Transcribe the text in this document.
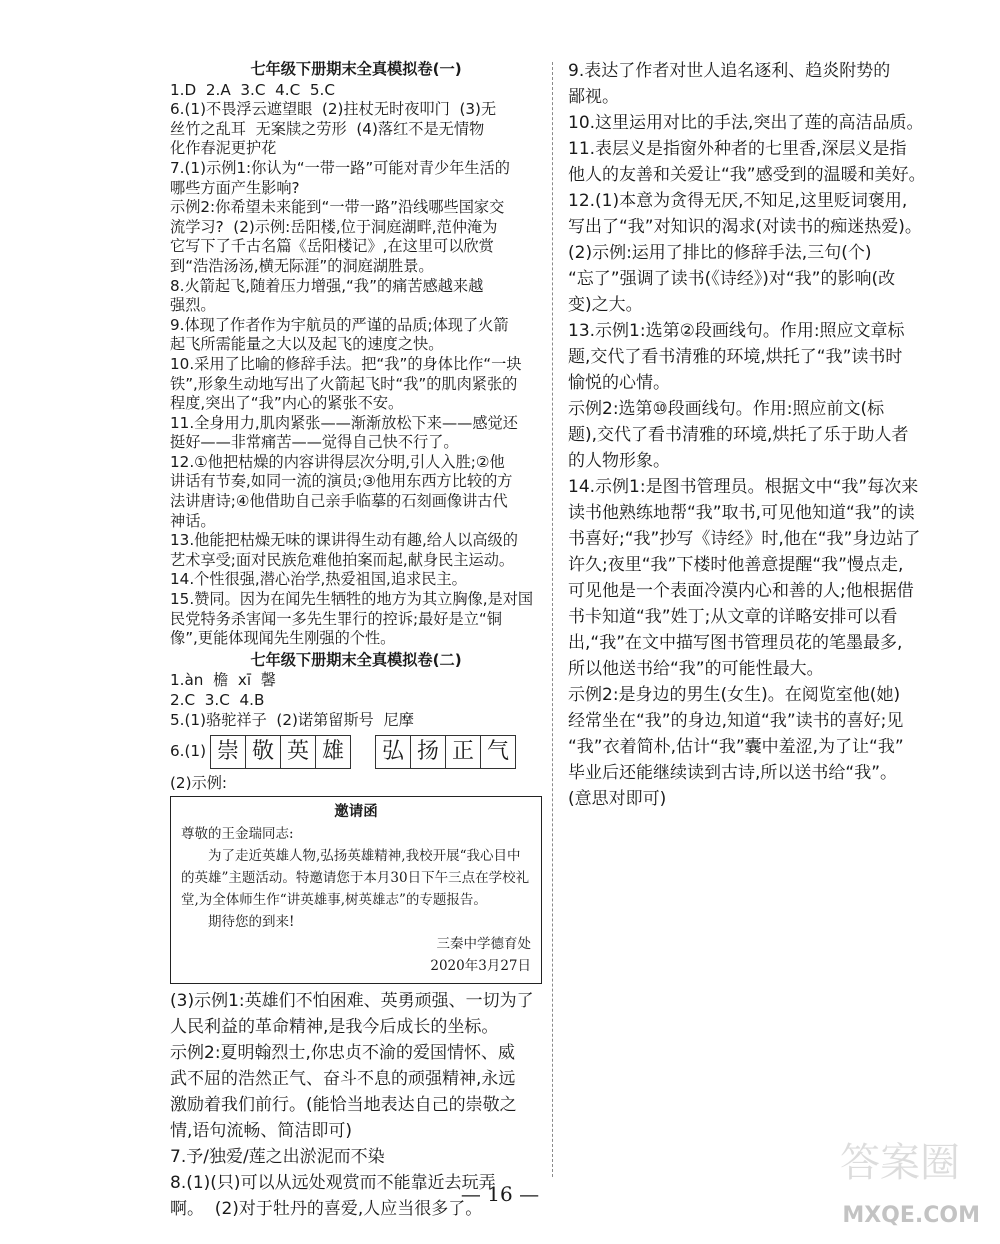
七年级下册期末全真模拟卷(一)
1.D  2.A  3.C  4.C  5.C
6.(1)不畏浮云遮望眼  (2)拄杖无时夜叩门  (3)无
丝竹之乱耳  无案牍之劳形  (4)落红不是无情物
化作春泥更护花
7.(1)示例1:你认为“一带一路”可能对青少年生活的
哪些方面产生影响?
示例2:你希望未来能到“一带一路”沿线哪些国家交
流学习?  (2)示例:岳阳楼,位于洞庭湖畔,范仲淹为
它写下了千古名篇《岳阳楼记》,在这里可以欣赏
到“浩浩汤汤,横无际涯”的洞庭湖胜景。
8.火箭起飞,随着压力增强,“我”的痛苦感越来越
强烈。
9.体现了作者作为宇航员的严谨的品质;体现了火箭
起飞所需能量之大以及起飞的速度之快。
10.采用了比喻的修辞手法。把“我”的身体比作“一块
铁”,形象生动地写出了火箭起飞时“我”的肌肉紧张的
程度,突出了“我”内心的紧张不安。
11.全身用力,肌肉紧张——渐渐放松下来——感觉还
挺好——非常痛苦——觉得自己快不行了。
12.①他把枯燥的内容讲得层次分明,引人入胜;②他
讲话有节奏,如同一流的演员;③他用东西方比较的方
法讲唐诗;④他借助自己亲手临摹的石刻画像讲古代
神话。
13.他能把枯燥无味的课讲得生动有趣,给人以高级的
艺术享受;面对民族危难他拍案而起,献身民主运动。
14.个性很强,潜心治学,热爱祖国,追求民主。
15.赞同。因为在闻先生牺牲的地方为其立胸像,是对国
民党特务杀害闻一多先生罪行的控诉;最好是立“铜
像”,更能体现闻先生刚强的个性。
七年级下册期末全真模拟卷(二)
1.àn  檐  xī  馨
2.C  3.C  4.B
5.(1)骆驼祥子  (2)诺第留斯号  尼摩
6.(1) 崇 敬 英 雄 弘 扬 正 气
(2)示例:
邀请函
尊敬的王金瑞同志:
为了走近英雄人物,弘扬英雄精神,我校开展“我心目中的英雄”主题活动。特邀请您于本月30日下午三点在学校礼堂,为全体师生作“讲英雄事,树英雄志”的专题报告。
期待您的到来!
三秦中学德育处
2020年3月27日
(3)示例1:英雄们不怕困难、英勇顽强、一切为了
人民利益的革命精神,是我今后成长的坐标。
示例2:夏明翰烈士,你忠贞不渝的爱国情怀、威
武不屈的浩然正气、奋斗不息的顽强精神,永远
激励着我们前行。(能恰当地表达自己的崇敬之
情,语句流畅、简洁即可)
7.予/独爱/莲之出淤泥而不染
8.(1)(只)可以从远处观赏而不能靠近去玩弄
啊。  (2)对于牡丹的喜爱,人应当很多了。
9.表达了作者对世人追名逐利、趋炎附势的
鄙视。
10.这里运用对比的手法,突出了莲的高洁品质。
11.表层义是指窗外种者的七里香,深层义是指
他人的友善和关爱让“我”感受到的温暖和美好。
12.(1)本意为贪得无厌,不知足,这里贬词褒用,
写出了“我”对知识的渴求(对读书的痴迷热爱)。
(2)示例:运用了排比的修辞手法,三句(个)
“忘了”强调了读书(《诗经》)对“我”的影响(改
变)之大。
13.示例1:选第②段画线句。作用:照应文章标
题,交代了看书清雅的环境,烘托了“我”读书时
愉悦的心情。
示例2:选第⑩段画线句。作用:照应前文(标
题),交代了看书清雅的环境,烘托了乐于助人者
的人物形象。
14.示例1:是图书管理员。根据文中“我”每次来
读书他熟练地帮“我”取书,可见他知道“我”的读
书喜好;“我”抄写《诗经》时,他在“我”身边站了
许久;夜里“我”下楼时他善意提醒“我”慢点走,
可见他是一个表面冷漠内心和善的人;他根据借
书卡知道“我”姓丁;从文章的详略安排可以看
出,“我”在文中描写图书管理员花的笔墨最多,
所以他送书给“我”的可能性最大。
示例2:是身边的男生(女生)。在阅览室他(她)
经常坐在“我”的身边,知道“我”读书的喜好;见
“我”衣着简朴,估计“我”囊中羞涩,为了让“我”
毕业后还能继续读到古诗,所以送书给“我”。
(意思对即可)
— 16 —
答案圈
MXQE.COM
